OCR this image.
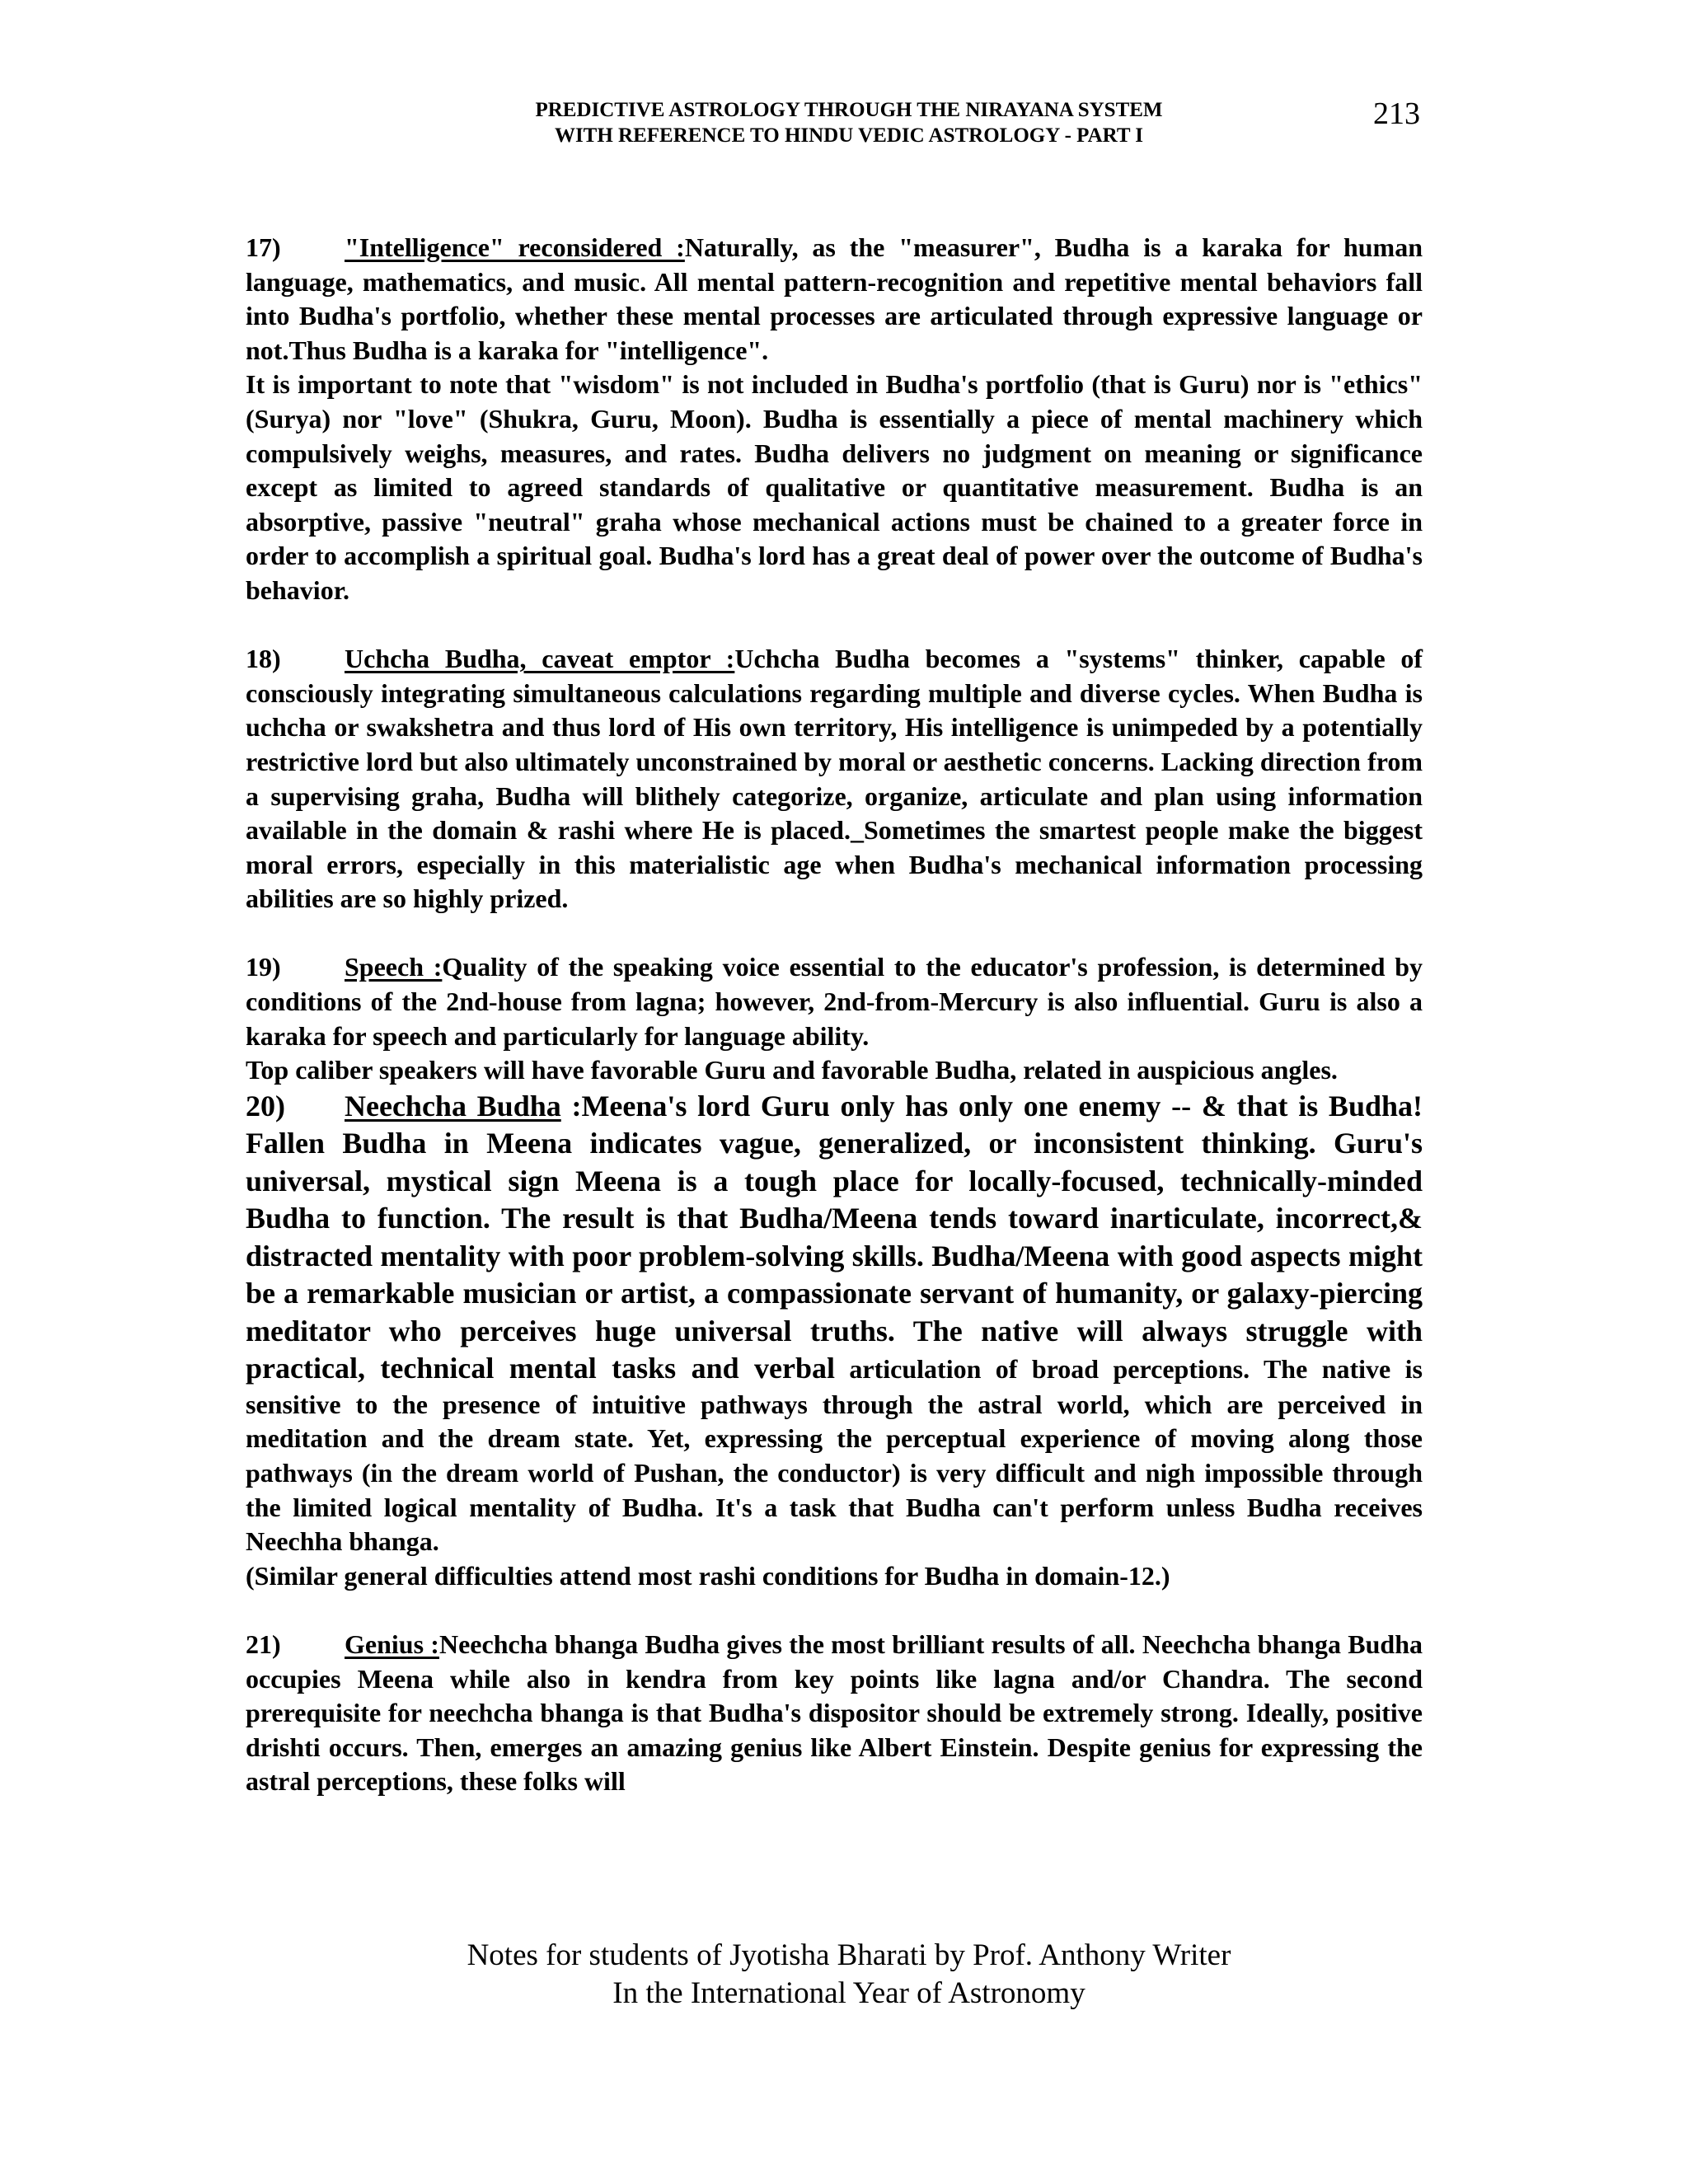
PREDICTIVE ASTROLOGY THROUGH THE NIRAYANA SYSTEM
WITH REFERENCE TO HINDU VEDIC ASTROLOGY - PART I
213

17) "Intelligence" reconsidered :Naturally, as the "measurer", Budha is a karaka for human language, mathematics, and music. All mental pattern-recognition and repetitive mental behaviors fall into Budha's portfolio, whether these mental processes are articulated through expressive language or not.Thus Budha is a karaka for "intelligence".

It is important to note that "wisdom" is not included in Budha's portfolio (that is Guru) nor is "ethics" (Surya) nor "love" (Shukra, Guru, Moon). Budha is essentially a piece of mental machinery which compulsively weighs, measures, and rates. Budha delivers no judgment on meaning or significance except as limited to agreed standards of qualitative or quantitative measurement. Budha is an absorptive, passive "neutral" graha whose mechanical actions must be chained to a greater force in order to accomplish a spiritual goal. Budha's lord has a great deal of power over the outcome of Budha's behavior.

18) Uchcha Budha, caveat emptor :Uchcha Budha becomes a "systems" thinker, capable of consciously integrating simultaneous calculations regarding multiple and diverse cycles. When Budha is uchcha or swakshetra and thus lord of His own territory, His intelligence is unimpeded by a potentially restrictive lord but also ultimately unconstrained by moral or aesthetic concerns. Lacking direction from a supervising graha, Budha will blithely categorize, organize, articulate and plan using information available in the domain & rashi where He is placed._Sometimes the smartest people make the biggest moral errors, especially in this materialistic age when Budha's mechanical information processing abilities are so highly prized.

19) Speech :Quality of the speaking voice essential to the educator's profession, is determined by conditions of the 2nd-house from lagna; however, 2nd-from-Mercury is also influential. Guru is also a karaka for speech and particularly for language ability.

Top caliber speakers will have favorable Guru and favorable Budha, related in auspicious angles.

20) Neechcha Budha :Meena's lord Guru only has only one enemy -- & that is Budha! Fallen Budha in Meena indicates vague, generalized, or inconsistent thinking. Guru's universal, mystical sign Meena is a tough place for locally-focused, technically-minded Budha to function. The result is that Budha/Meena tends toward inarticulate, incorrect,& distracted mentality with poor problem-solving skills. Budha/Meena with good aspects might be a remarkable musician or artist, a compassionate servant of humanity, or galaxy-piercing meditator who perceives huge universal truths. The native will always struggle with practical, technical mental tasks and verbal articulation of broad perceptions. The native is sensitive to the presence of intuitive pathways through the astral world, which are perceived in meditation and the dream state. Yet, expressing the perceptual experience of moving along those pathways (in the dream world of Pushan, the conductor) is very difficult and nigh impossible through the limited logical mentality of Budha. It's a task that Budha can't perform unless Budha receives Neechha bhanga.

(Similar general difficulties attend most rashi conditions for Budha in domain-12.)

21) Genius :Neechcha bhanga Budha gives the most brilliant results of all. Neechcha bhanga Budha occupies Meena while also in kendra from key points like lagna and/or Chandra. The second prerequisite for neechcha bhanga is that Budha's dispositor should be extremely strong. Ideally, positive drishti occurs. Then, emerges an amazing genius like Albert Einstein. Despite genius for expressing the astral perceptions, these folks will

Notes for students of Jyotisha Bharati by Prof. Anthony Writer
In the International Year of Astronomy
